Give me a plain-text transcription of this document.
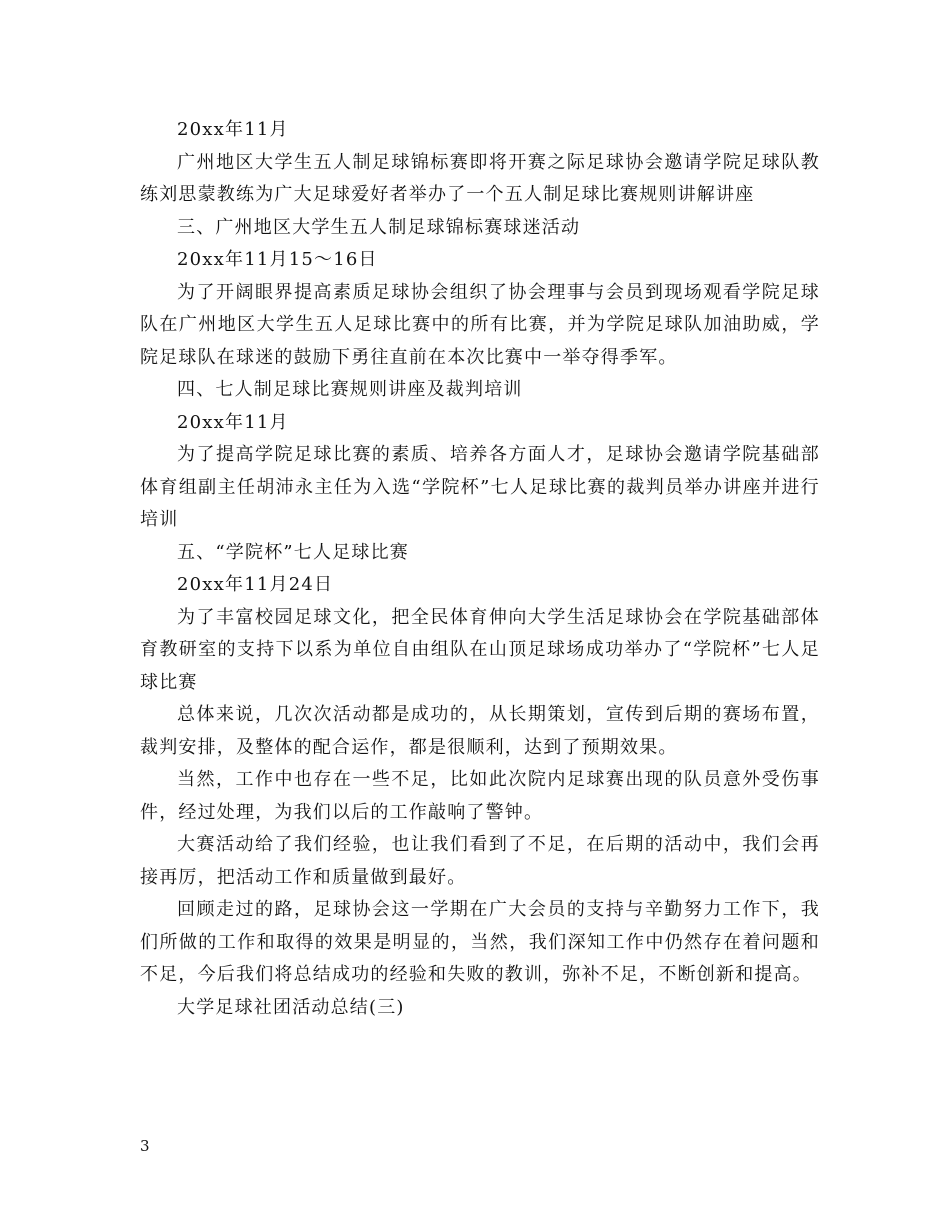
20xx年11月

广州地区大学生五人制足球锦标赛即将开赛之际足球协会邀请学院足球队教练刘思蒙教练为广大足球爱好者举办了一个五人制足球比赛规则讲解讲座

三、广州地区大学生五人制足球锦标赛球迷活动

20xx年11月15～16日

为了开阔眼界提高素质足球协会组织了协会理事与会员到现场观看学院足球队在广州地区大学生五人足球比赛中的所有比赛，并为学院足球队加油助威，学院足球队在球迷的鼓励下勇往直前在本次比赛中一举夺得季军。

四、七人制足球比赛规则讲座及裁判培训

20xx年11月

为了提高学院足球比赛的素质、培养各方面人才，足球协会邀请学院基础部体育组副主任胡沛永主任为入选“学院杯”七人足球比赛的裁判员举办讲座并进行培训

五、“学院杯”七人足球比赛

20xx年11月24日

为了丰富校园足球文化，把全民体育伸向大学生活足球协会在学院基础部体育教研室的支持下以系为单位自由组队在山顶足球场成功举办了“学院杯”七人足球比赛

总体来说，几次次活动都是成功的，从长期策划，宣传到后期的赛场布置，裁判安排，及整体的配合运作，都是很顺利，达到了预期效果。

当然，工作中也存在一些不足，比如此次院内足球赛出现的队员意外受伤事件，经过处理，为我们以后的工作敲响了警钟。

大赛活动给了我们经验，也让我们看到了不足，在后期的活动中，我们会再接再厉，把活动工作和质量做到最好。

回顾走过的路，足球协会这一学期在广大会员的支持与辛勤努力工作下，我们所做的工作和取得的效果是明显的，当然，我们深知工作中仍然存在着问题和不足，今后我们将总结成功的经验和失败的教训，弥补不足，不断创新和提高。

大学足球社团活动总结(三)

3
